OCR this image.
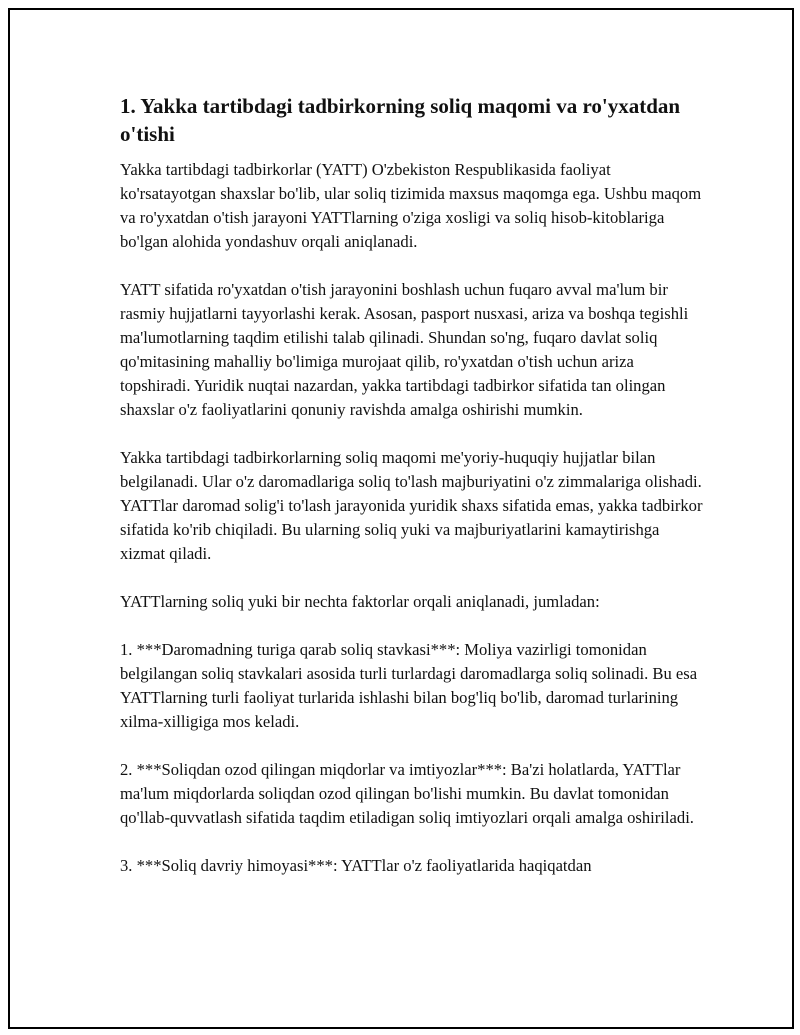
1. Yakka tartibdagi tadbirkorning soliq maqomi va ro'yxatdan o'tishi

Yakka tartibdagi tadbirkorlar (YATT) O'zbekiston Respublikasida faoliyat ko'rsatayotgan shaxslar bo'lib, ular soliq tizimida maxsus maqomga ega. Ushbu maqom va ro'yxatdan o'tish jarayoni YATTlarning o'ziga xosligi va soliq hisob-kitoblariga bo'lgan alohida yondashuv orqali aniqlanadi.

YATT sifatida ro'yxatdan o'tish jarayonini boshlash uchun fuqaro avval ma'lum bir rasmiy hujjatlarni tayyorlashi kerak. Asosan, pasport nusxasi, ariza va boshqa tegishli ma'lumotlarning taqdim etilishi talab qilinadi. Shundan so'ng, fuqaro davlat soliq qo'mitasining mahalliy bo'limiga murojaat qilib, ro'yxatdan o'tish uchun ariza topshiradi. Yuridik nuqtai nazardan, yakka tartibdagi tadbirkor sifatida tan olingan shaxslar o'z faoliyatlarini qonuniy ravishda amalga oshirishi mumkin.

Yakka tartibdagi tadbirkorlarning soliq maqomi me'yoriy-huquqiy hujjatlar bilan belgilanadi. Ular o'z daromadlariga soliq to'lash majburiyatini o'z zimmalariga olishadi. YATTlar daromad solig'i to'lash jarayonida yuridik shaxs sifatida emas, yakka tadbirkor sifatida ko'rib chiqiladi. Bu ularning soliq yuki va majburiyatlarini kamaytirishga xizmat qiladi.

YATTlarning soliq yuki bir nechta faktorlar orqali aniqlanadi, jumladan:

1. ***Daromadning turiga qarab soliq stavkasi***: Moliya vazirligi tomonidan belgilangan soliq stavkalari asosida turli turlardagi daromadlarga soliq solinadi. Bu esa YATTlarning turli faoliyat turlarida ishlashi bilan bog'liq bo'lib, daromad turlarining xilma-xilligiga mos keladi.

2. ***Soliqdan ozod qilingan miqdorlar va imtiyozlar***: Ba'zi holatlarda, YATTlar ma'lum miqdorlarda soliqdan ozod qilingan bo'lishi mumkin. Bu davlat tomonidan qo'llab-quvvatlash sifatida taqdim etiladigan soliq imtiyozlari orqali amalga oshiriladi.

3. ***Soliq davriy himoyasi***: YATTlar o'z faoliyatlarida haqiqatdan
